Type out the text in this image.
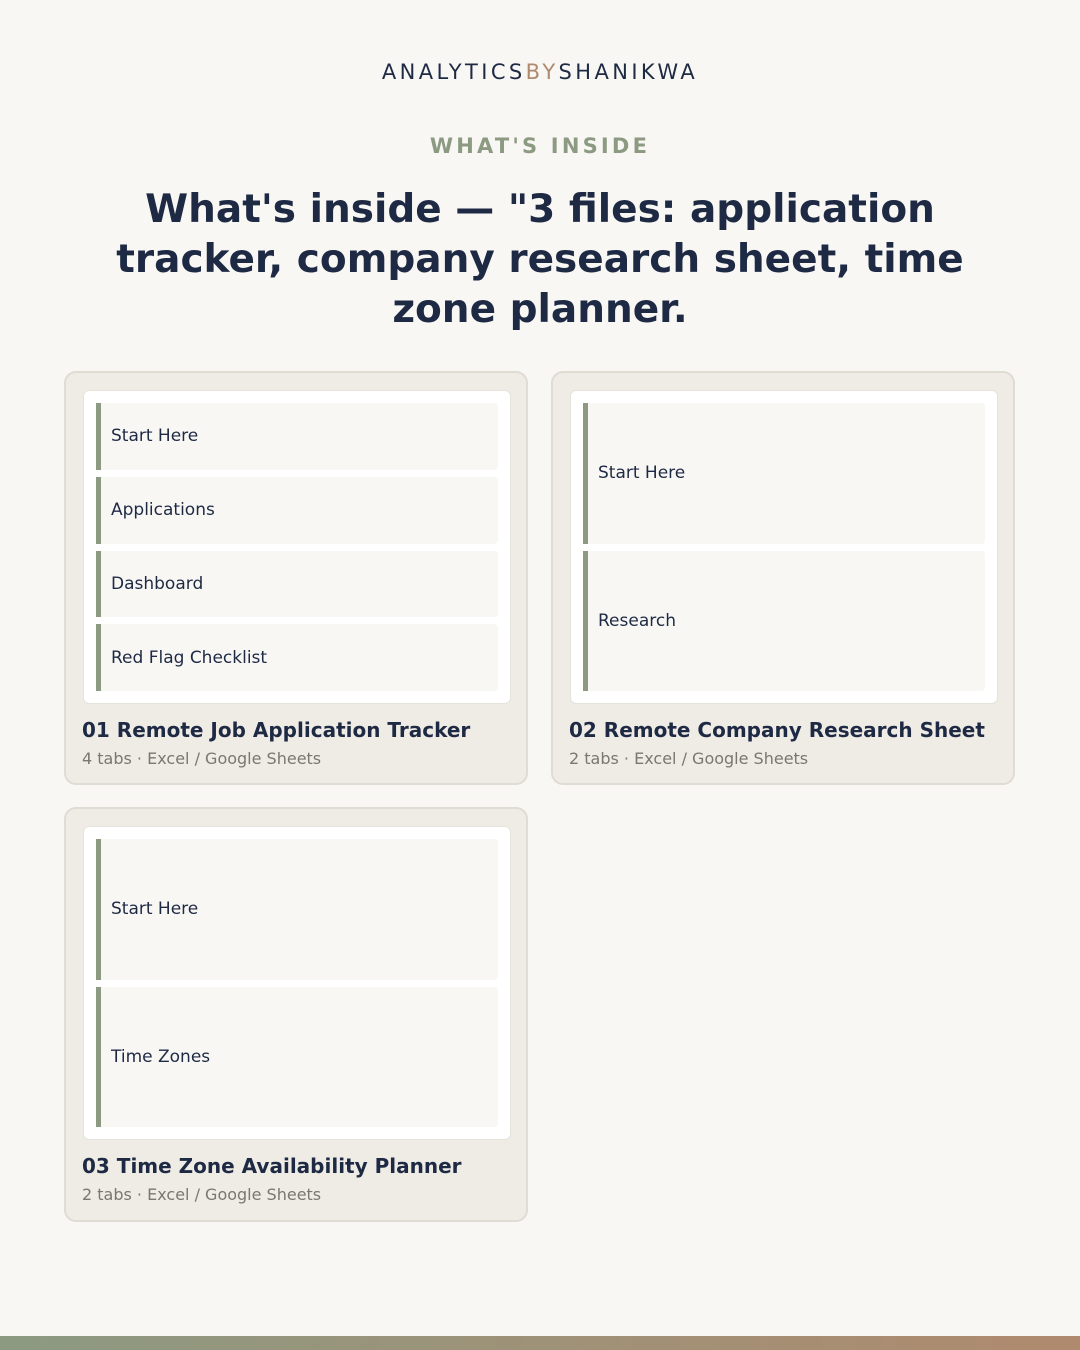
ANALYTICSBYSHANIKWA
WHAT'S INSIDE
What's inside — "3 files: application tracker, company research sheet, time zone planner.
Start Here
Applications
Dashboard
Red Flag Checklist
01 Remote Job Application Tracker
4 tabs · Excel / Google Sheets
Start Here
Research
02 Remote Company Research Sheet
2 tabs · Excel / Google Sheets
Start Here
Time Zones
03 Time Zone Availability Planner
2 tabs · Excel / Google Sheets
